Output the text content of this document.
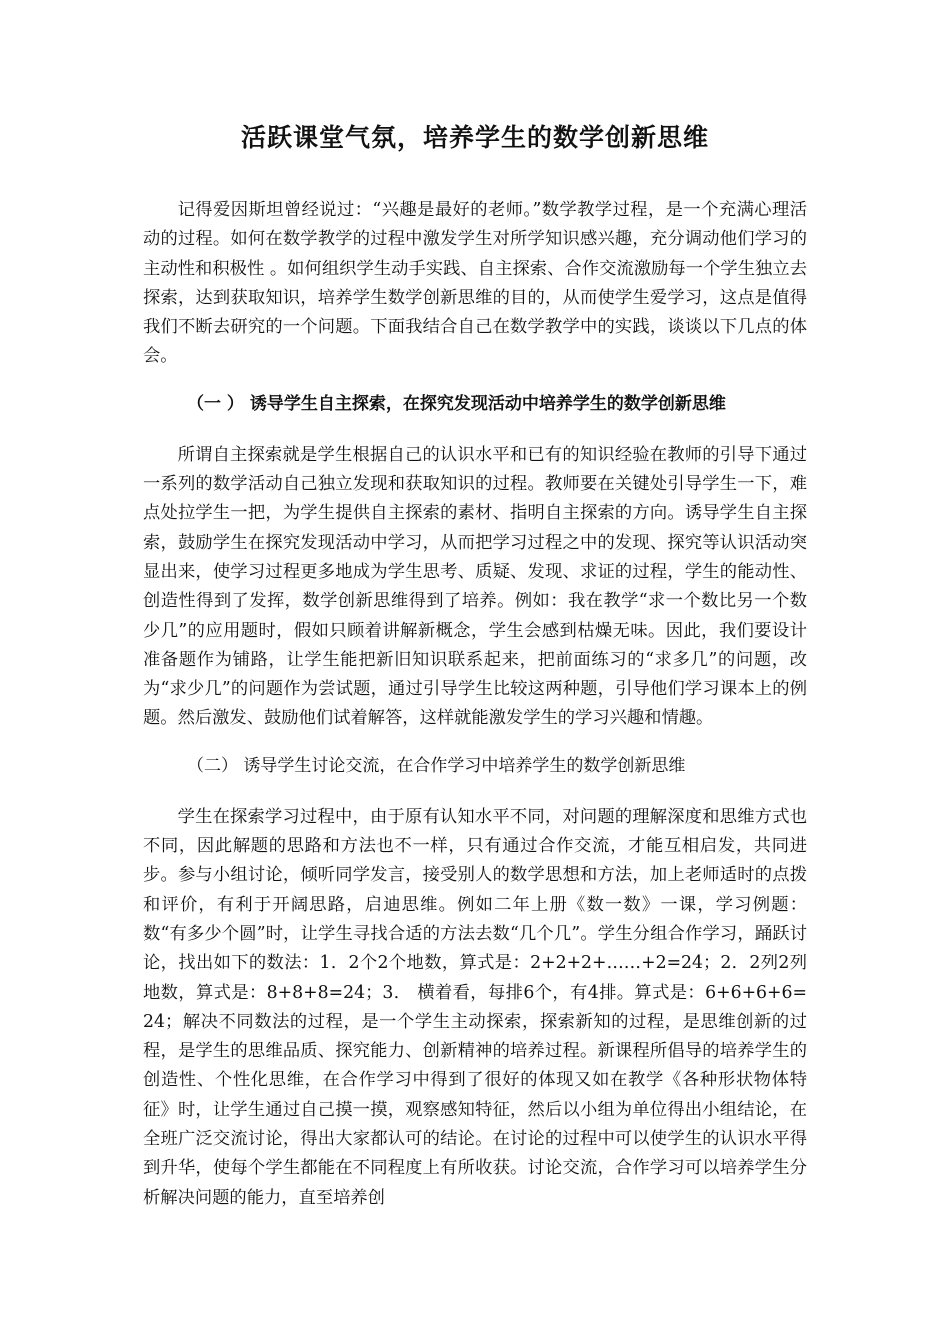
活跃课堂气氛，培养学生的数学创新思维

记得爱因斯坦曾经说过：“兴趣是最好的老师。”数学教学过程，是一个充满心理活动的过程。如何在数学教学的过程中激发学生对所学知识感兴趣，充分调动他们学习的主动性和积极性 。如何组织学生动手实践、自主探索、合作交流激励每一个学生独立去探索，达到获取知识，培养学生数学创新思维的目的，从而使学生爱学习，这点是值得我们不断去研究的一个问题。下面我结合自己在数学教学中的实践，谈谈以下几点的体会。

（一 ） 诱导学生自主探索，在探究发现活动中培养学生的数学创新思维

所谓自主探索就是学生根据自己的认识水平和已有的知识经验在教师的引导下通过一系列的数学活动自己独立发现和获取知识的过程。教师要在关键处引导学生一下，难点处拉学生一把，为学生提供自主探索的素材、指明自主探索的方向。诱导学生自主探索，鼓励学生在探究发现活动中学习，从而把学习过程之中的发现、探究等认识活动突显出来，使学习过程更多地成为学生思考、质疑、发现、求证的过程，学生的能动性、创造性得到了发挥，数学创新思维得到了培养。例如：我在教学“求一个数比另一个数少几”的应用题时，假如只顾着讲解新概念，学生会感到枯燥无味。因此，我们要设计准备题作为铺路，让学生能把新旧知识联系起来，把前面练习的“求多几”的问题，改为“求少几”的问题作为尝试题，通过引导学生比较这两种题，引导他们学习课本上的例题。然后激发、鼓励他们试着解答，这样就能激发学生的学习兴趣和情趣。

（二） 诱导学生讨论交流，在合作学习中培养学生的数学创新思维

学生在探索学习过程中，由于原有认知水平不同，对问题的理解深度和思维方式也不同，因此解题的思路和方法也不一样，只有通过合作交流，才能互相启发，共同进步。参与小组讨论，倾听同学发言，接受别人的数学思想和方法，加上老师适时的点拨和评价，有利于开阔思路，启迪思维。例如二年上册《数一数》一课，学习例题：数“有多少个圆”时，让学生寻找合适的方法去数“几个几”。学生分组合作学习，踊跃讨论，找出如下的数法：1．2个2个地数，算式是：2+2+2+……+2=24；2．2列2列地数，算式是：8+8+8=24；3． 横着看，每排6个，有4排。算式是：6+6+6+6=24；解决不同数法的过程，是一个学生主动探索，探索新知的过程，是思维创新的过程，是学生的思维品质、探究能力、创新精神的培养过程。新课程所倡导的培养学生的创造性、个性化思维，在合作学习中得到了很好的体现又如在教学《各种形状物体特征》时，让学生通过自己摸一摸，观察感知特征，然后以小组为单位得出小组结论，在全班广泛交流讨论，得出大家都认可的结论。在讨论的过程中可以使学生的认识水平得到升华，使每个学生都能在不同程度上有所收获。讨论交流，合作学习可以培养学生分析解决问题的能力，直至培养创
